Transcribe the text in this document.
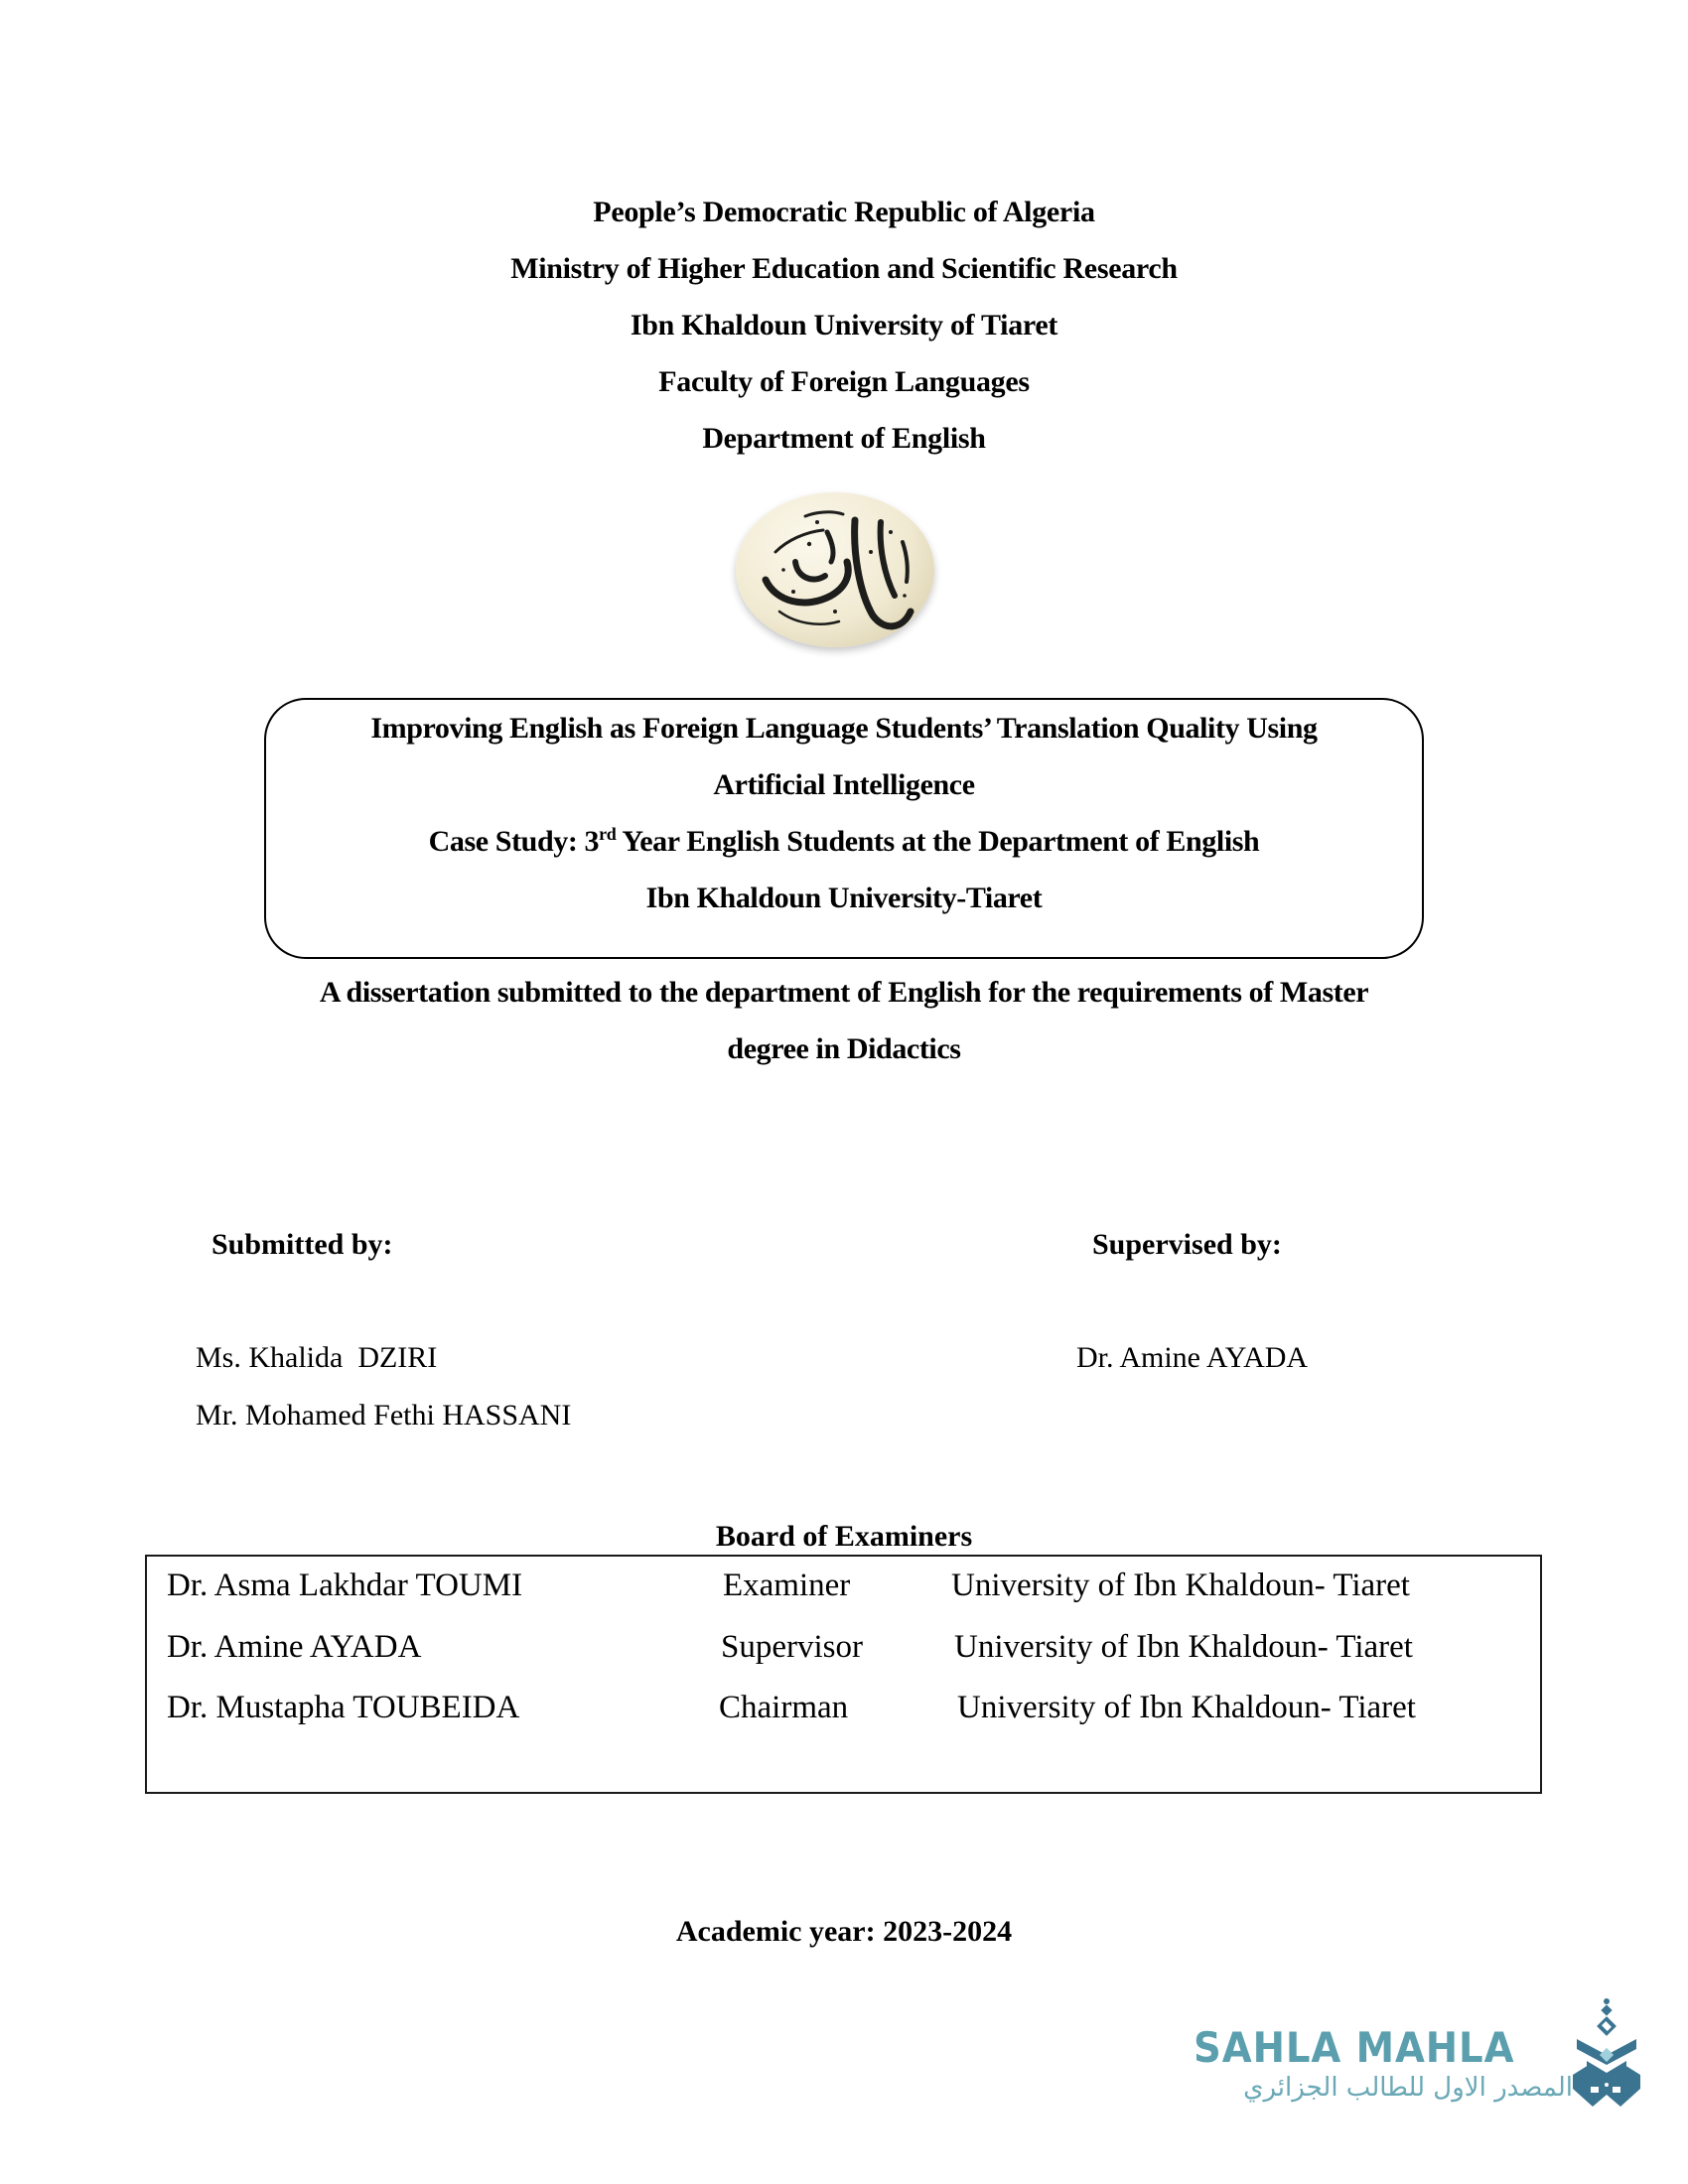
People’s Democratic Republic of Algeria
Ministry of Higher Education and Scientific Research
Ibn Khaldoun University of Tiaret
Faculty of Foreign Languages
Department of English
Improving English as Foreign Language Students’ Translation Quality Using
Artificial Intelligence
Case Study: 3rd Year English Students at the Department of English
Ibn Khaldoun University-Tiaret
A dissertation submitted to the department of English for the requirements of Master
degree in Didactics
Submitted by:
Ms. Khalida  DZIRI
Mr. Mohamed Fethi HASSANI
Supervised by:
Dr. Amine AYADA
Board of Examiners
Dr. Asma Lakhdar TOUMI	Examiner	University of Ibn Khaldoun- Tiaret
Dr. Amine AYADA	Supervisor	University of Ibn Khaldoun- Tiaret
Dr. Mustapha TOUBEIDA	Chairman	University of Ibn Khaldoun- Tiaret
Academic year: 2023-2024
SAHLA MAHLA
المصدر الاول للطالب الجزائري
